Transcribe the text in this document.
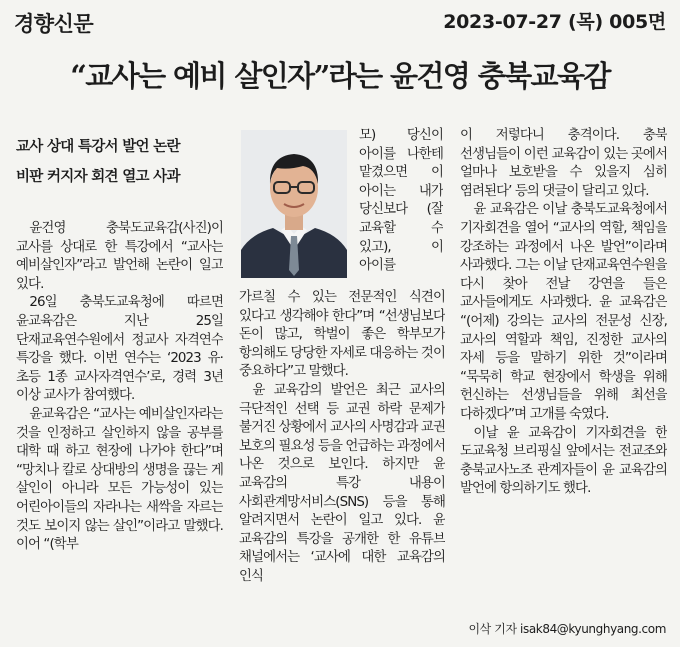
경향신문	2023-07-27 (목) 005면
“교사는 예비 살인자”라는 윤건영 충북교육감
교사 상대 특강서 발언 논란
비판 커지자 회견 열고 사과

윤건영 충북도교육감(사진)이 교사를 상대로 한 특강에서 “교사는 예비살인자”라고 발언해 논란이 일고 있다.

26일 충북도교육청에 따르면 윤교육감은 지난 25일 단재교육연수원에서 정교사 자격연수 특강을 했다. 이번 연수는 ‘2023 유·초등 1종 교사자격연수’로, 경력 3년 이상 교사가 참여했다.

윤교육감은 “교사는 예비살인자라는 것을 인정하고 살인하지 않을 공부를 대학 때 하고 현장에 나가야 한다”며 “망치나 칼로 상대방의 생명을 끊는 게 살인이 아니라 모든 가능성이 있는 어린아이들의 자라나는 새싹을 자르는 것도 보이지 않는 살인”이라고 말했다. 이어 “(학부

모) 당신이 아이를 나한테 맡겼으면 이 아이는 내가 당신보다 (잘 교육할 수 있고), 이 아이를

가르칠 수 있는 전문적인 식견이 있다고 생각해야 한다”며 “선생님보다 돈이 많고, 학벌이 좋은 학부모가 항의해도 당당한 자세로 대응하는 것이 중요하다”고 말했다.

윤 교육감의 발언은 최근 교사의 극단적인 선택 등 교권 하락 문제가 불거진 상황에서 교사의 사명감과 교권 보호의 필요성 등을 언급하는 과정에서 나온 것으로 보인다. 하지만 윤 교육감의 특강 내용이 사회관계망서비스(SNS) 등을 통해 알려지면서 논란이 일고 있다. 윤 교육감의 특강을 공개한 한 유튜브 채널에서는 ‘교사에 대한 교육감의 인식

이 저렇다니 충격이다. 충북 선생님들이 이런 교육감이 있는 곳에서 얼마나 보호받을 수 있을지 심히 염려된다’ 등의 댓글이 달리고 있다.

윤 교육감은 이날 충북도교육청에서 기자회견을 열어 “교사의 역할, 책임을 강조하는 과정에서 나온 발언”이라며 사과했다. 그는 이날 단재교육연수원을 다시 찾아 전날 강연을 들은 교사들에게도 사과했다. 윤 교육감은 “(어제) 강의는 교사의 전문성 신장, 교사의 역할과 책임, 진정한 교사의 자세 등을 말하기 위한 것”이라며 “묵묵히 학교 현장에서 학생을 위해 헌신하는 선생님들을 위해 최선을 다하겠다”며 고개를 숙였다.

이날 윤 교육감이 기자회견을 한 도교육청 브리핑실 앞에서는 전교조와 충북교사노조 관계자들이 윤 교육감의 발언에 항의하기도 했다.

이삭 기자 isak84@kyunghyang.com
